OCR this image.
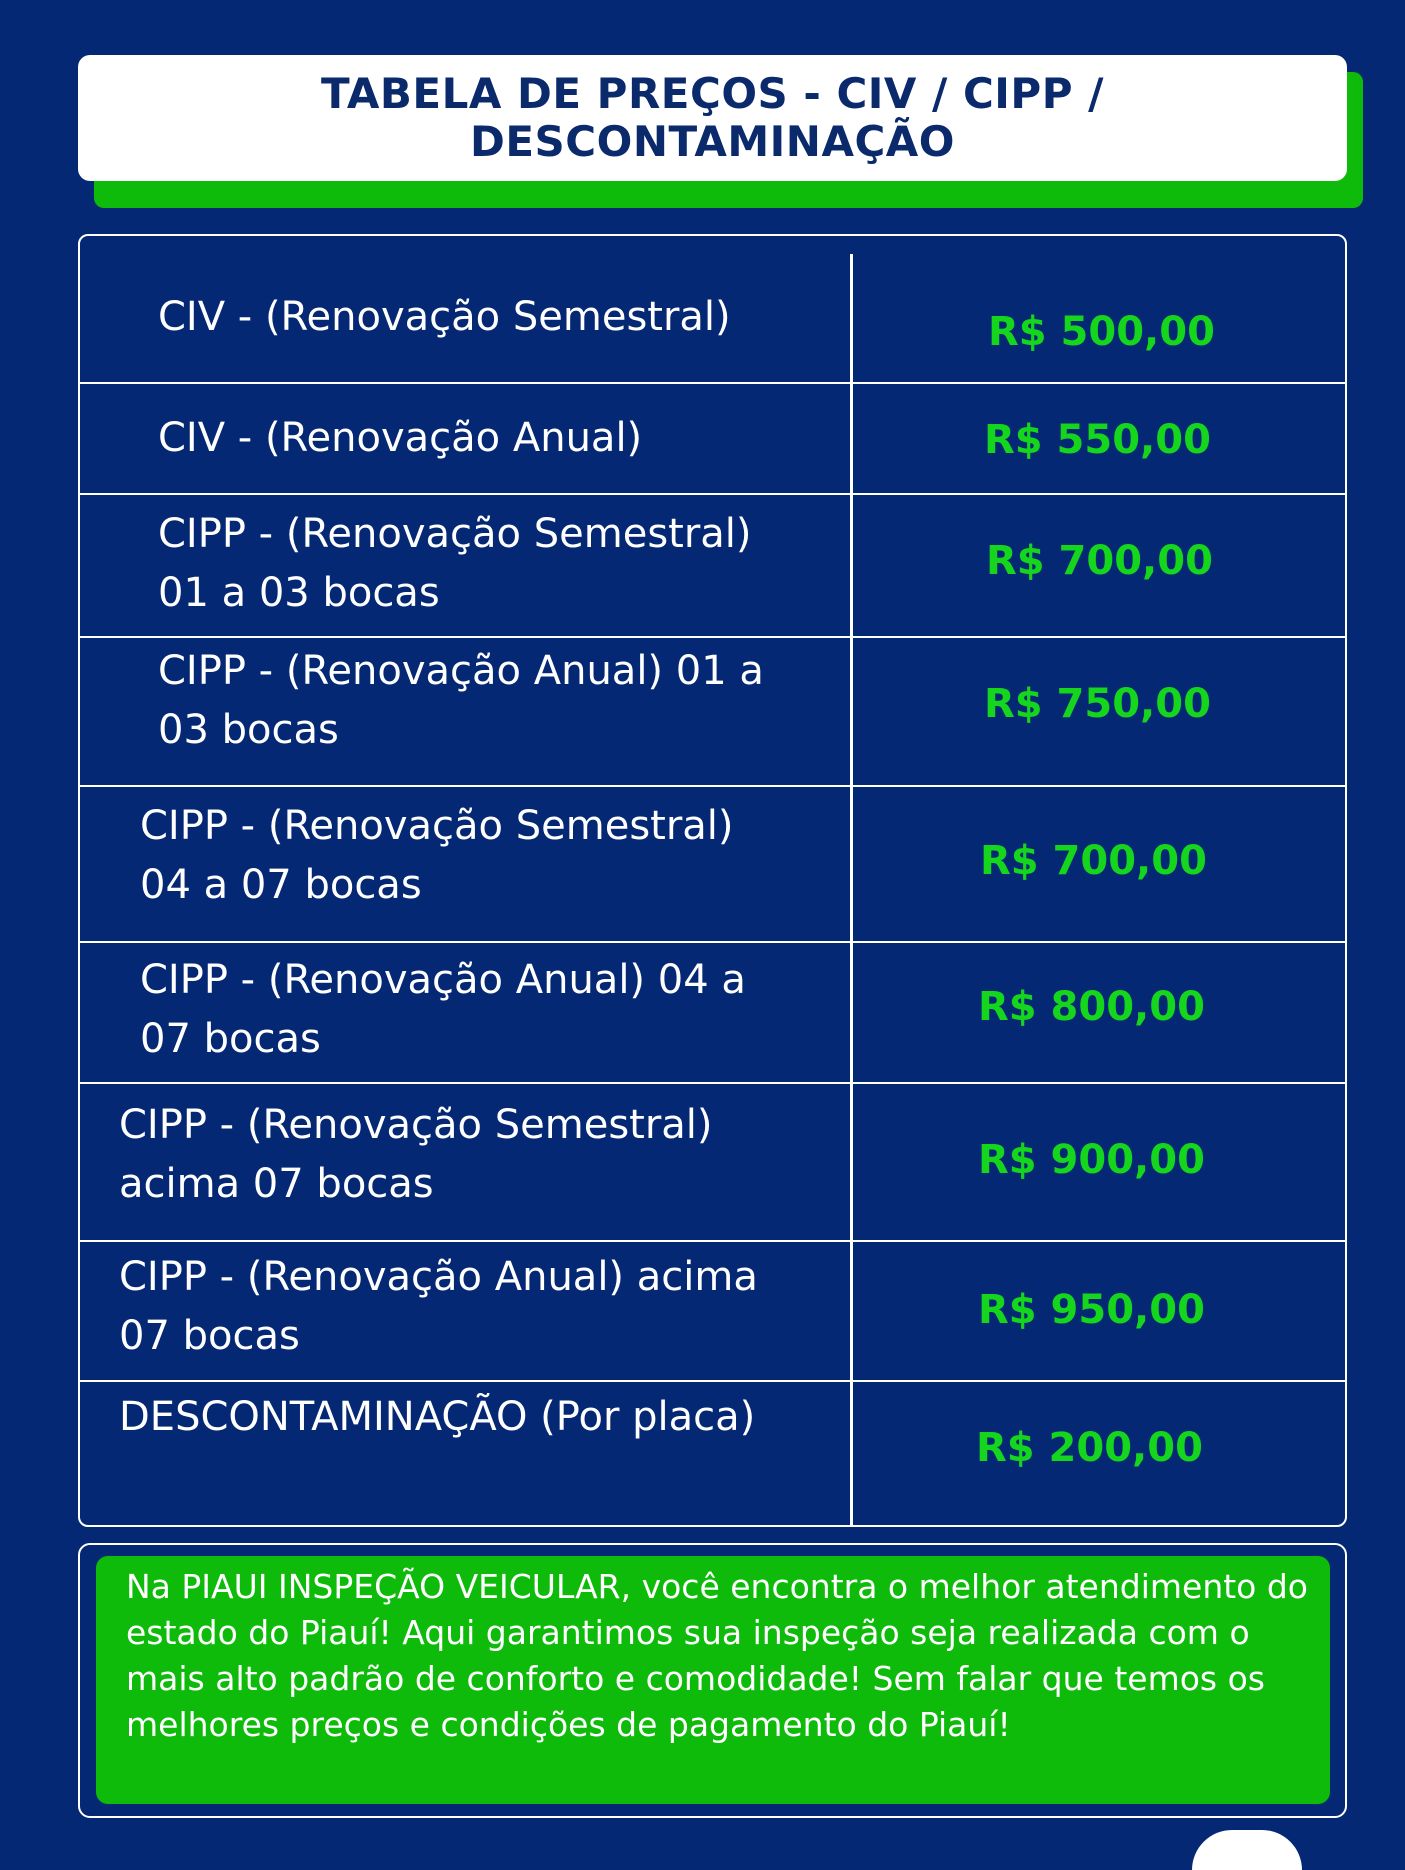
TABELA DE PREÇOS - CIV / CIPP /
DESCONTAMINAÇÃO
CIV - (Renovação Semestral)	R$ 500,00
CIV - (Renovação Anual)	R$ 550,00
CIPP - (Renovação Semestral) 01 a 03 bocas
R$ 700,00
CIPP - (Renovação Anual) 01 a 03 bocas
R$ 750,00
CIPP - (Renovação Semestral) 04 a 07 bocas
R$ 700,00
CIPP - (Renovação Anual) 04 a 07 bocas
R$ 800,00
CIPP - (Renovação Semestral) acima 07 bocas
R$ 900,00
CIPP - (Renovação Anual) acima 07 bocas
R$ 950,00
DESCONTAMINAÇÃO (Por placa)
R$ 200,00
Na PIAUI INSPEÇÃO VEICULAR, você encontra o melhor atendimento do estado do Piauí! Aqui garantimos sua inspeção seja realizada com o mais alto padrão de conforto e comodidade! Sem falar que temos os melhores preços e condições de pagamento do Piauí!
